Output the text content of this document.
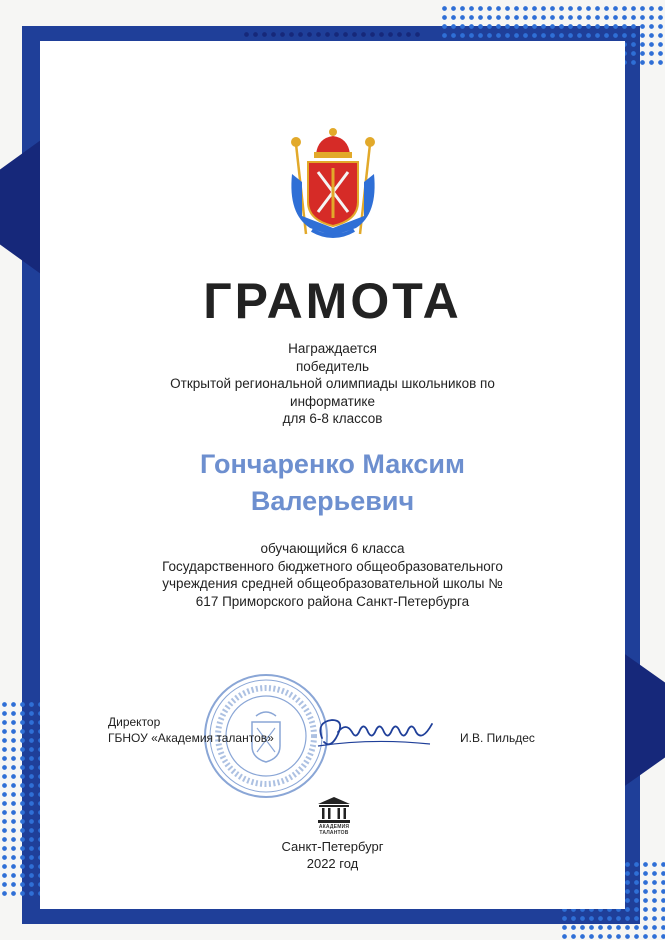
ГРАМОТА
Награждается
победитель
Открытой региональной олимпиады школьников по
информатике
для 6-8 классов
Гончаренко Максим
Валерьевич
обучающийся 6 класса
Государственного бюджетного общеобразовательного
учреждения средней общеобразовательной школы №
617 Приморского района Санкт-Петербурга
Директор
ГБНОУ «Академия талантов»	И.В. Пильдес
АКАДЕМИЯ ТАЛАНТОВ
Санкт-Петербург
2022 год
